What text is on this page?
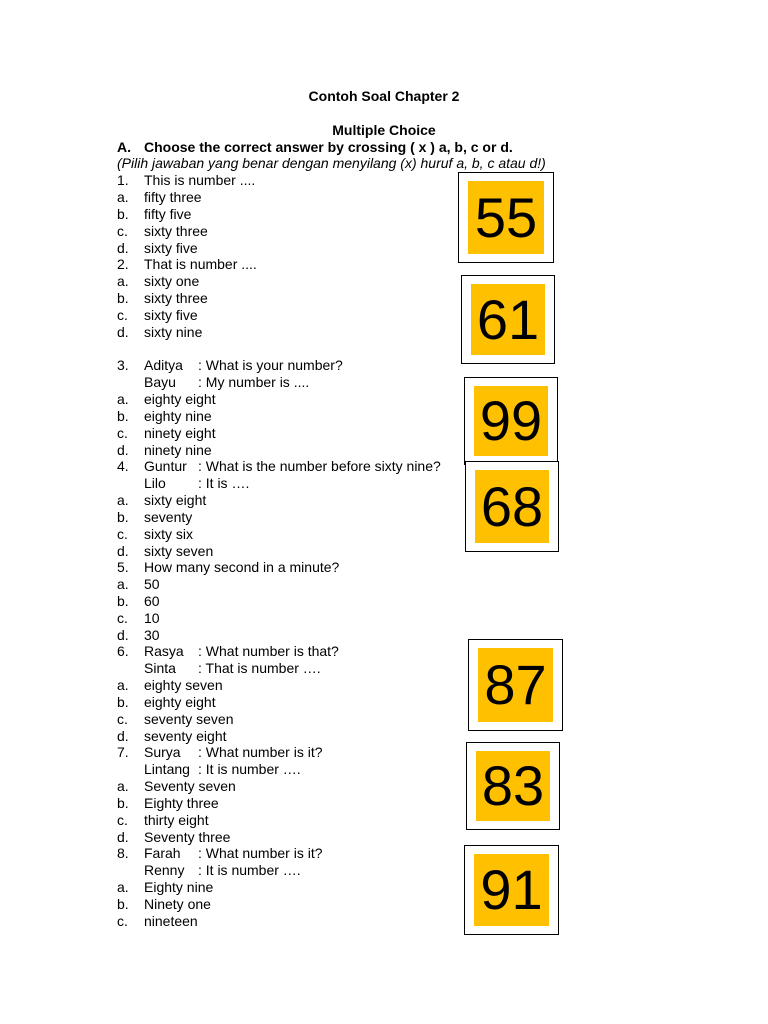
Contoh Soal Chapter 2
Multiple Choice
A. Choose the correct answer by crossing ( x ) a, b, c or d.
(Pilih jawaban yang benar dengan menyilang (x) huruf a, b, c atau d!)
1. This is number ....
a. fifty three
b. fifty five
c. sixty three
d. sixty five
2. That is number ....
a. sixty one
b. sixty three
c. sixty five
d. sixty nine
3. Aditya : What is your number?
Bayu : My number is ....
a. eighty eight
b. eighty nine
c. ninety eight
d. ninety nine
4. Guntur : What is the number before sixty nine?
Lilo : It is ….
a. sixty eight
b. seventy
c. sixty six
d. sixty seven
5. How many second in a minute?
a. 50
b. 60
c. 10
d. 30
6. Rasya : What number is that?
Sinta : That is number ….
a. eighty seven
b. eighty eight
c. seventy seven
d. seventy eight
7. Surya : What number is it?
Lintang : It is number ….
a. Seventy seven
b. Eighty three
c. thirty eight
d. Seventy three
8. Farah : What number is it?
Renny : It is number ….
a. Eighty nine
b. Ninety one
c. nineteen
55
61
99
68
87
83
91
